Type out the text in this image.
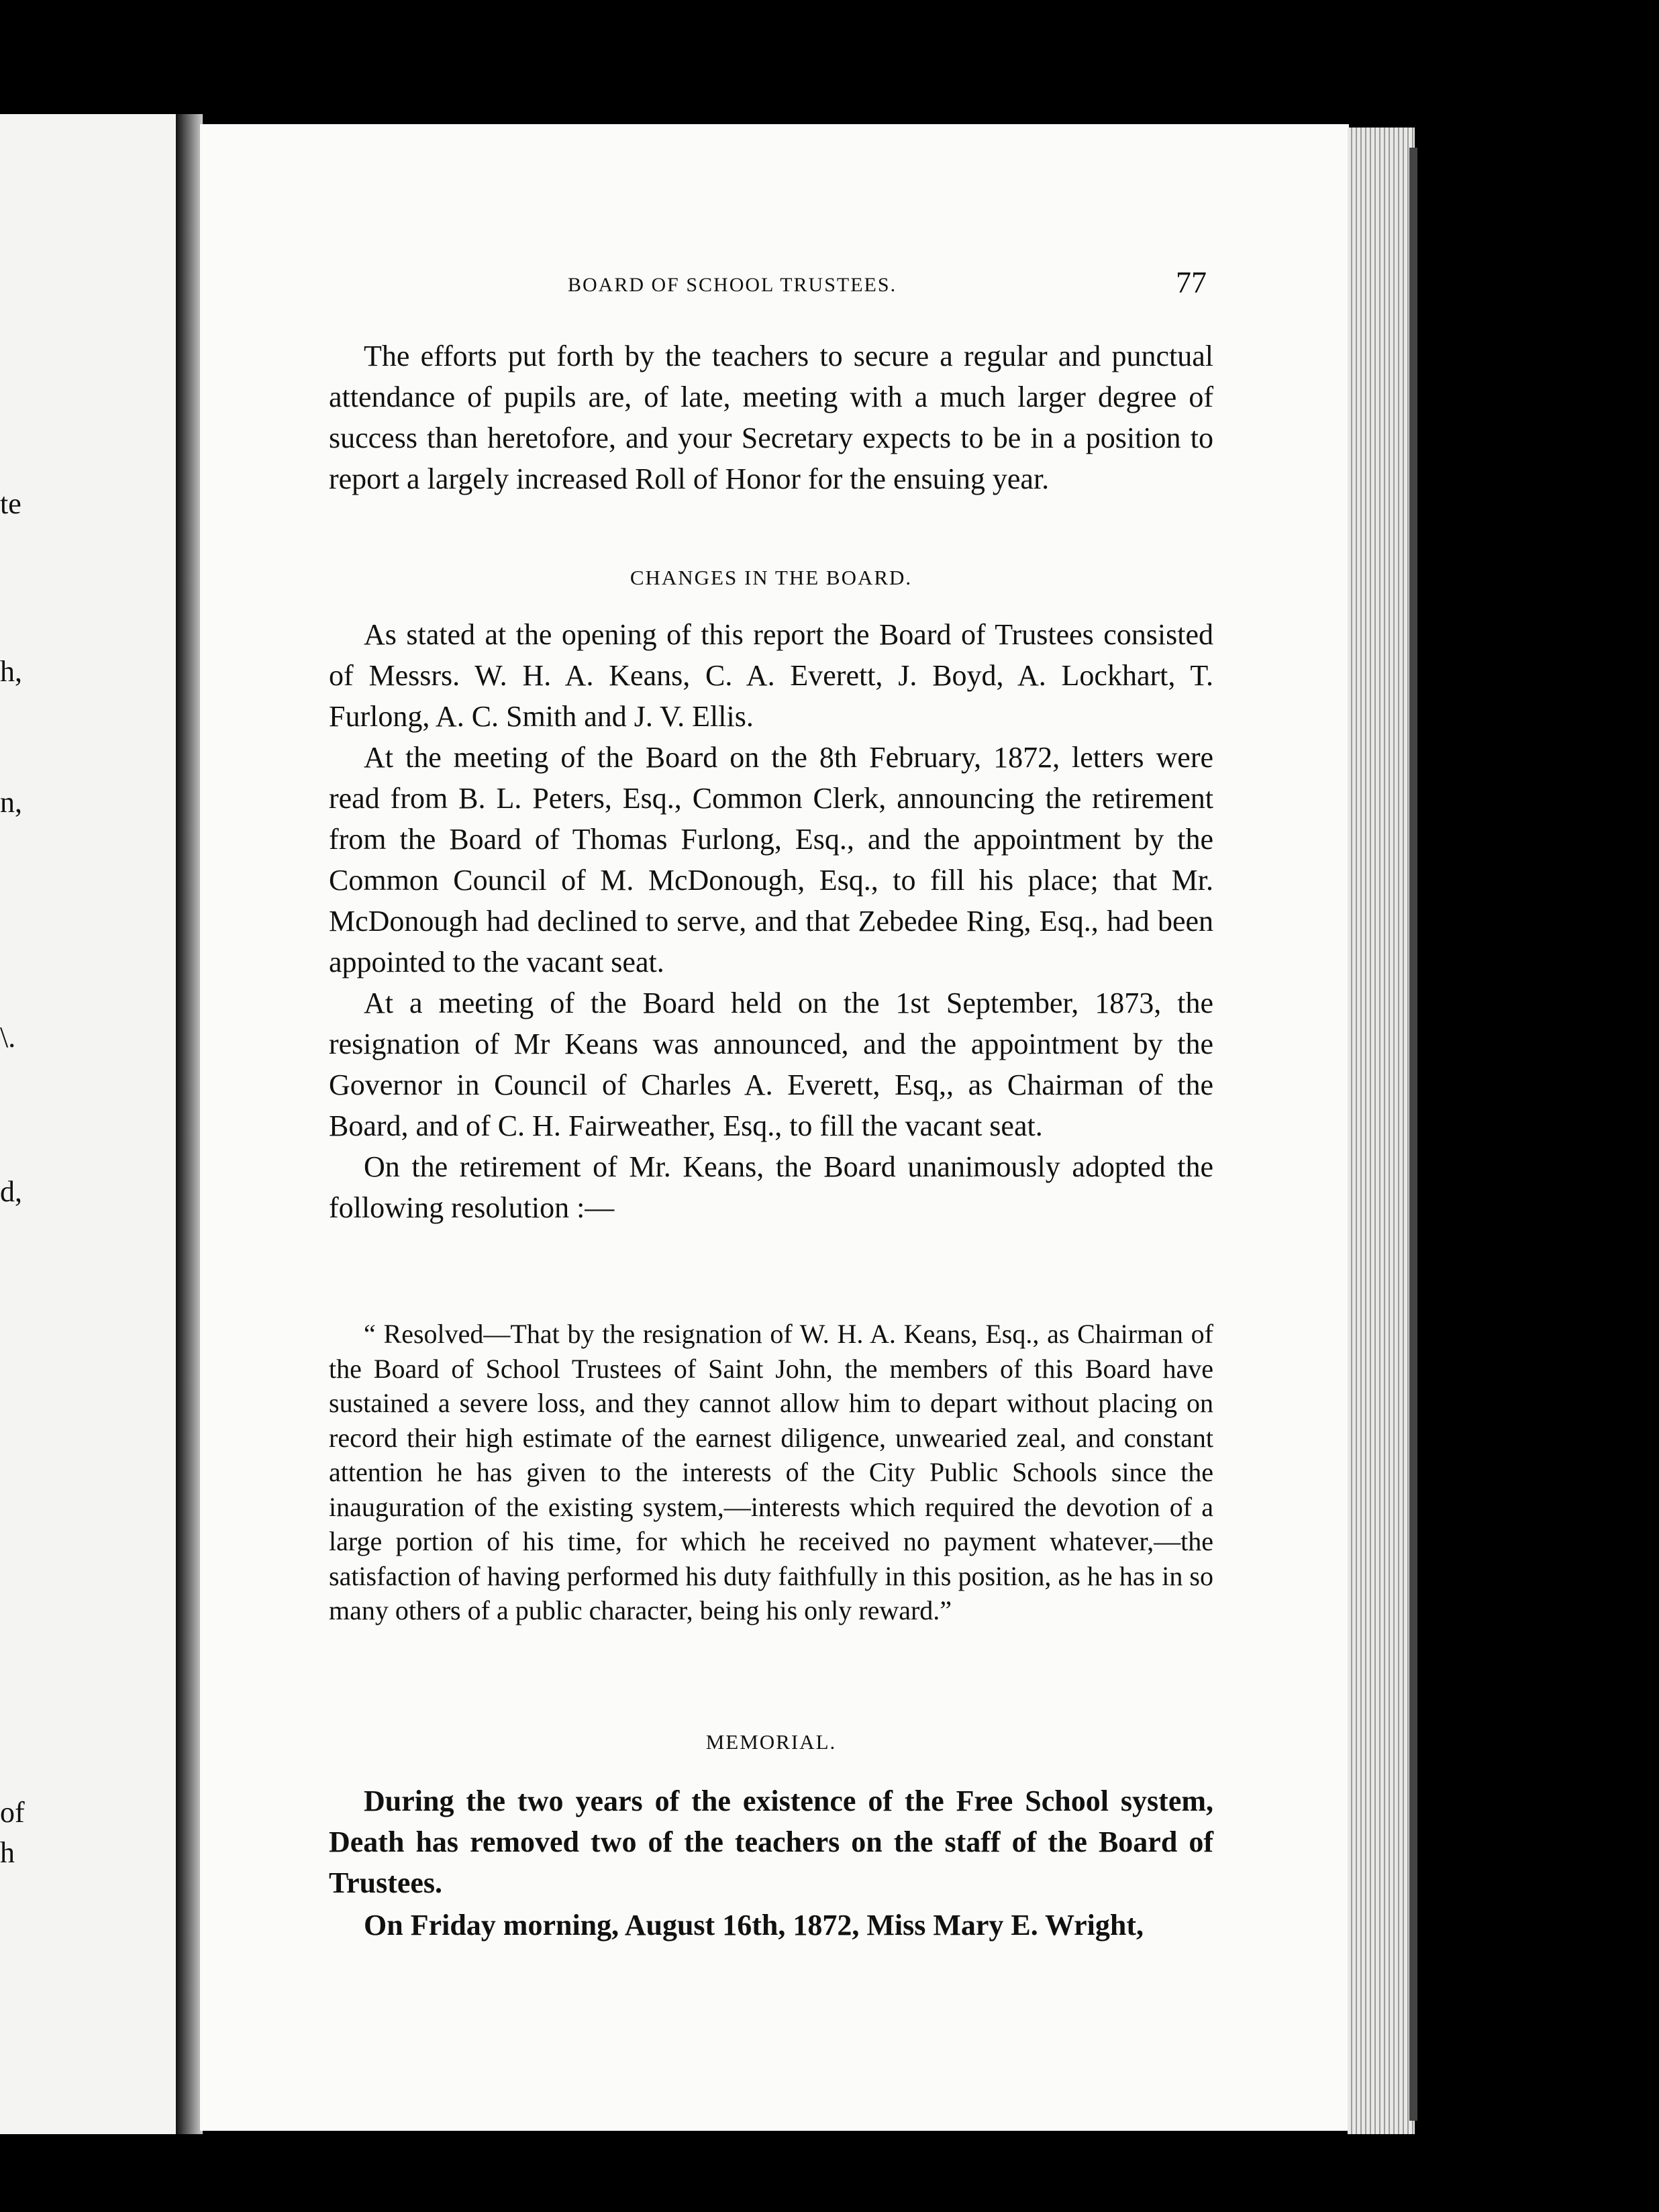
te
h,
n,
\.
d,
of
h
BOARD OF SCHOOL TRUSTEES.	77

The efforts put forth by the teachers to secure a regular and punctual attendance of pupils are, of late, meeting with a much larger degree of success than heretofore, and your Secretary expects to be in a position to report a largely increased Roll of Honor for the ensuing year.

CHANGES IN THE BOARD.

As stated at the opening of this report the Board of Trustees consisted of Messrs. W. H. A. Keans, C. A. Everett, J. Boyd, A. Lockhart, T. Furlong, A. C. Smith and J. V. Ellis.

At the meeting of the Board on the 8th February, 1872, letters were read from B. L. Peters, Esq., Common Clerk, announcing the retirement from the Board of Thomas Furlong, Esq., and the appointment by the Common Council of M. McDonough, Esq., to fill his place; that Mr. McDonough had declined to serve, and that Zebedee Ring, Esq., had been appointed to the vacant seat.

At a meeting of the Board held on the 1st September, 1873, the resignation of Mr Keans was announced, and the appointment by the Governor in Council of Charles A. Everett, Esq,, as Chairman of the Board, and of C. H. Fairweather, Esq., to fill the vacant seat.

On the retirement of Mr. Keans, the Board unanimously adopted the following resolution :—

“ Resolved—That by the resignation of W. H. A. Keans, Esq., as Chairman of the Board of School Trustees of Saint John, the members of this Board have sustained a severe loss, and they cannot allow him to depart without placing on record their high estimate of the earnest diligence, unwearied zeal, and constant attention he has given to the interests of the City Public Schools since the inauguration of the existing system,—interests which required the devotion of a large portion of his time, for which he received no payment whatever,—the satisfaction of having performed his duty faithfully in this position, as he has in so many others of a public character, being his only reward.”

MEMORIAL.

During the two years of the existence of the Free School system, Death has removed two of the teachers on the staff of the Board of Trustees.

On Friday morning, August 16th, 1872, Miss Mary E. Wright,
